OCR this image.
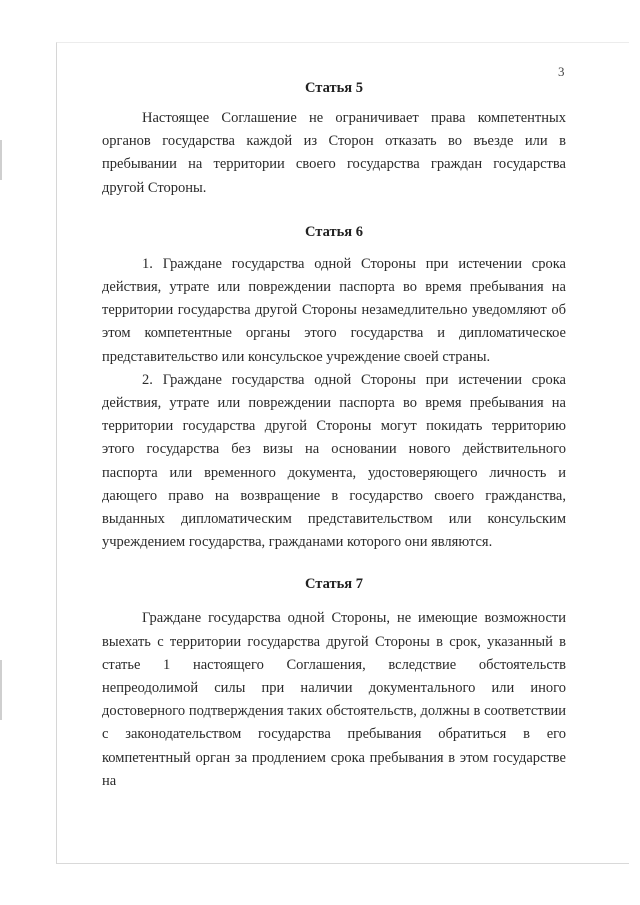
3
Статья 5

Настоящее Соглашение не ограничивает права компетентных органов государства каждой из Сторон отказать во въезде или в пребывании на территории своего государства граждан государства другой Стороны.

Статья 6

1. Граждане государства одной Стороны при истечении срока действия, утрате или повреждении паспорта во время пребывания на территории государства другой Стороны незамедлительно уведомляют об этом компетентные органы этого государства и дипломатическое представительство или консульское учреждение своей страны.

2. Граждане государства одной Стороны при истечении срока действия, утрате или повреждении паспорта во время пребывания на территории государства другой Стороны могут покидать территорию этого государства без визы на основании нового действительного паспорта или временного документа, удостоверяющего личность и дающего право на возвращение в государство своего гражданства, выданных дипломатическим представительством или консульским учреждением государства, гражданами которого они являются.

Статья 7

Граждане государства одной Стороны, не имеющие возможности выехать с территории государства другой Стороны в срок, указанный в статье 1 настоящего Соглашения, вследствие обстоятельств непреодолимой силы при наличии документального или иного достоверного подтверждения таких обстоятельств, должны в соответствии с законодательством государства пребывания обратиться в его компетентный орган за продлением срока пребывания в этом государстве на
